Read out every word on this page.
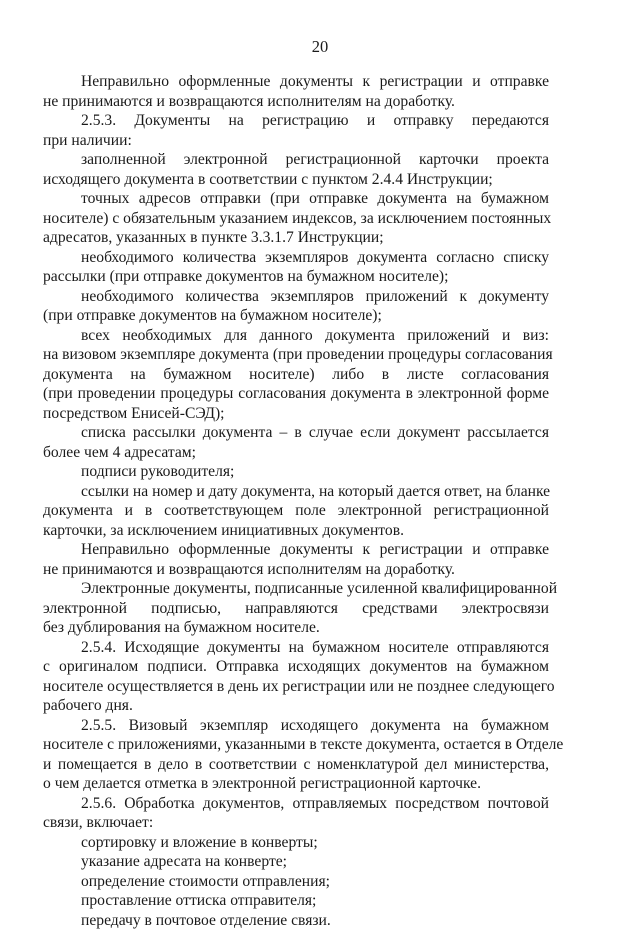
20
Неправильно оформленные документы к регистрации и отправке
не принимаются и возвращаются исполнителям на доработку.
2.5.3. Документы на регистрацию и отправку передаются
при наличии:
заполненной электронной регистрационной карточки проекта
исходящего документа в соответствии с пунктом 2.4.4 Инструкции;
точных адресов отправки (при отправке документа на бумажном
носителе) с обязательным указанием индексов, за исключением постоянных
адресатов, указанных в пункте 3.3.1.7 Инструкции;
необходимого количества экземпляров документа согласно списку
рассылки (при отправке документов на бумажном носителе);
необходимого количества экземпляров приложений к документу
(при отправке документов на бумажном носителе);
всех необходимых для данного документа приложений и виз:
на визовом экземпляре документа (при проведении процедуры согласования
документа на бумажном носителе) либо в листе согласования
(при проведении процедуры согласования документа в электронной форме
посредством Енисей-СЭД);
списка рассылки документа – в случае если документ рассылается
более чем 4 адресатам;
подписи руководителя;
ссылки на номер и дату документа, на который дается ответ, на бланке
документа и в соответствующем поле электронной регистрационной
карточки, за исключением инициативных документов.
Неправильно оформленные документы к регистрации и отправке
не принимаются и возвращаются исполнителям на доработку.
Электронные документы, подписанные усиленной квалифицированной
электронной подписью, направляются средствами электросвязи
без дублирования на бумажном носителе.
2.5.4. Исходящие документы на бумажном носителе отправляются
с оригиналом подписи. Отправка исходящих документов на бумажном
носителе осуществляется в день их регистрации или не позднее следующего
рабочего дня.
2.5.5. Визовый экземпляр исходящего документа на бумажном
носителе с приложениями, указанными в тексте документа, остается в Отделе
и помещается в дело в соответствии с номенклатурой дел министерства,
о чем делается отметка в электронной регистрационной карточке.
2.5.6. Обработка документов, отправляемых посредством почтовой
связи, включает:
сортировку и вложение в конверты;
указание адресата на конверте;
определение стоимости отправления;
проставление оттиска отправителя;
передачу в почтовое отделение связи.
